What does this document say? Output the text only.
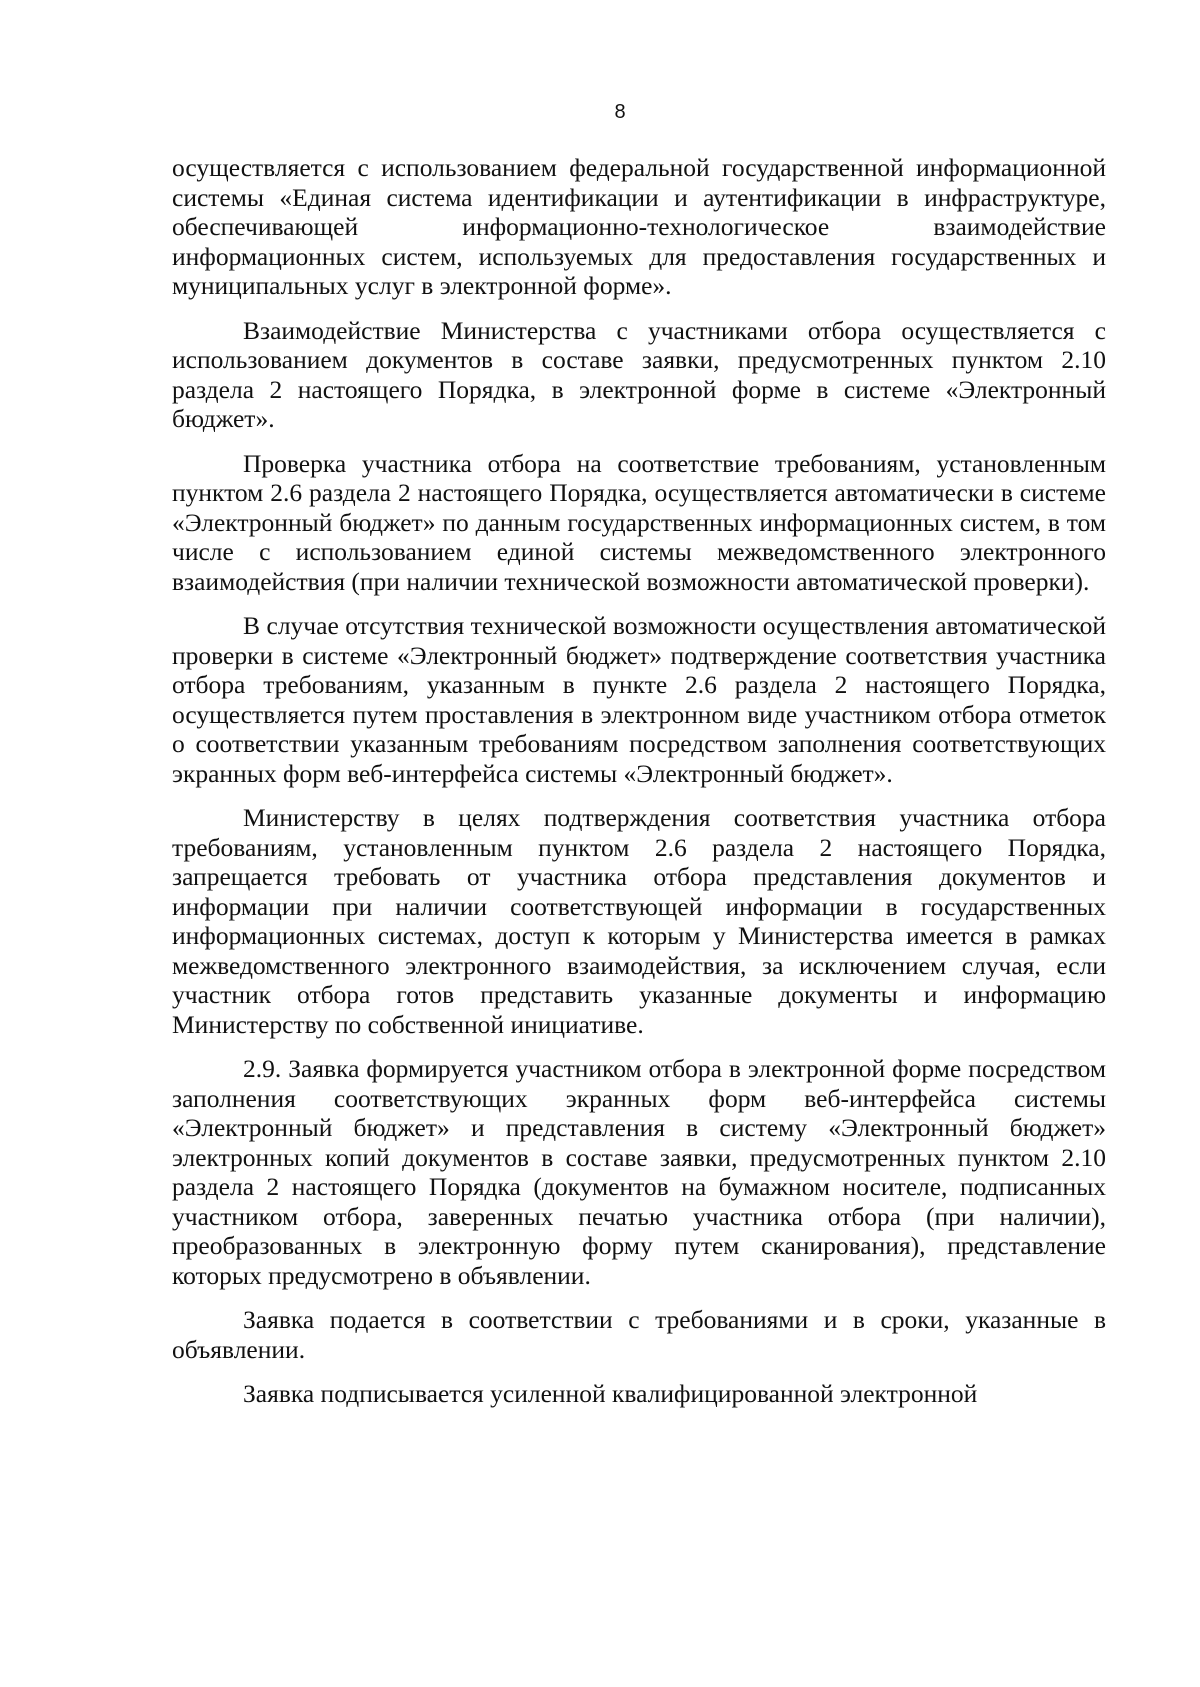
8

осуществляется с использованием федеральной государственной информационной системы «Единая система идентификации и аутентификации в инфраструктуре, обеспечивающей информационно-технологическое взаимодействие информационных систем, используемых для предоставления государственных и муниципальных услуг в электронной форме».

Взаимодействие Министерства с участниками отбора осуществляется с использованием документов в составе заявки, предусмотренных пунктом 2.10 раздела 2 настоящего Порядка, в электронной форме в системе «Электронный бюджет».

Проверка участника отбора на соответствие требованиям, установленным пунктом 2.6 раздела 2 настоящего Порядка, осуществляется автоматически в системе «Электронный бюджет» по данным государственных информационных систем, в том числе с использованием единой системы межведомственного электронного взаимодействия (при наличии технической возможности автоматической проверки).

В случае отсутствия технической возможности осуществления автоматической проверки в системе «Электронный бюджет» подтверждение соответствия участника отбора требованиям, указанным в пункте 2.6 раздела 2 настоящего Порядка, осуществляется путем проставления в электронном виде участником отбора отметок о соответствии указанным требованиям посредством заполнения соответствующих экранных форм веб-интерфейса системы «Электронный бюджет».

Министерству в целях подтверждения соответствия участника отбора требованиям, установленным пунктом 2.6 раздела 2 настоящего Порядка, запрещается требовать от участника отбора представления документов и информации при наличии соответствующей информации в государственных информационных системах, доступ к которым у Министерства имеется в рамках межведомственного электронного взаимодействия, за исключением случая, если участник отбора готов представить указанные документы и информацию Министерству по собственной инициативе.

2.9. Заявка формируется участником отбора в электронной форме посредством заполнения соответствующих экранных форм веб-интерфейса системы «Электронный бюджет» и представления в систему «Электронный бюджет» электронных копий документов в составе заявки, предусмотренных пунктом 2.10 раздела 2 настоящего Порядка (документов на бумажном носителе, подписанных участником отбора, заверенных печатью участника отбора (при наличии), преобразованных в электронную форму путем сканирования), представление которых предусмотрено в объявлении.

Заявка подается в соответствии с требованиями и в сроки, указанные в объявлении.

Заявка подписывается усиленной квалифицированной электронной
